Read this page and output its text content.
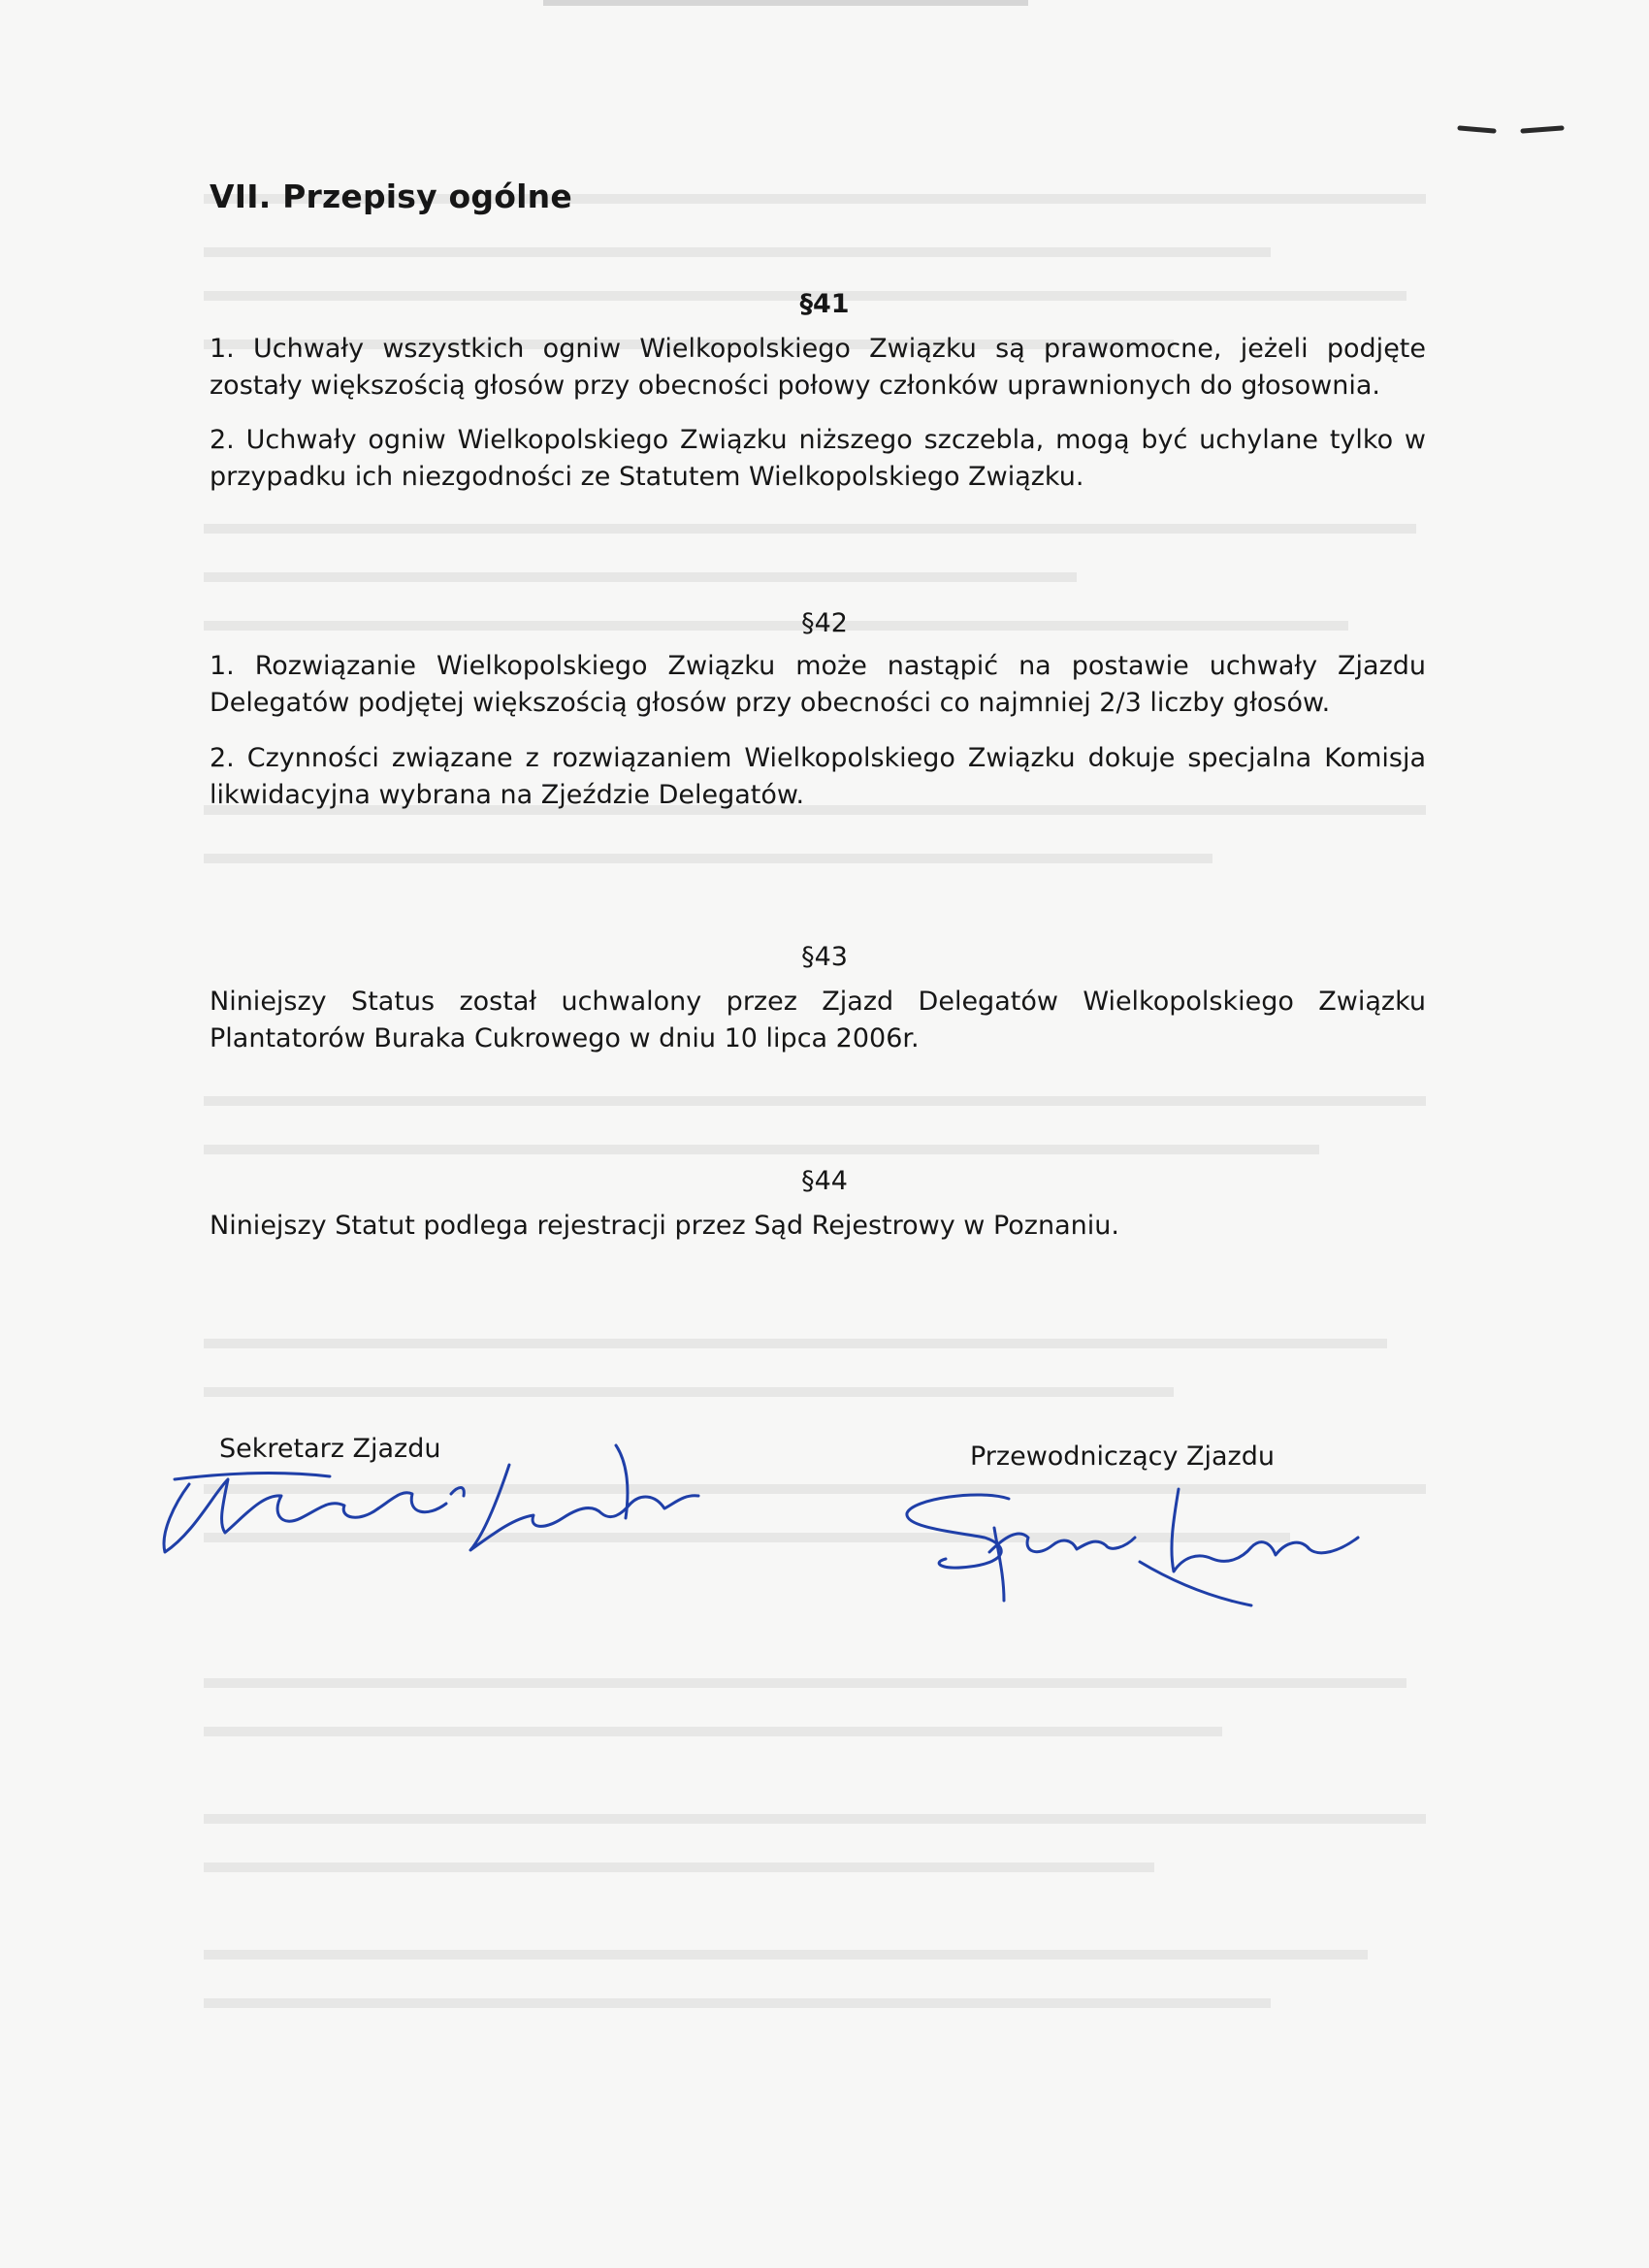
VII. Przepisy ogólne
§41

1. Uchwały wszystkich ogniw Wielkopolskiego Związku są prawomocne, jeżeli podjęte zostały większością głosów przy obecności połowy członków uprawnionych do głosownia.

2. Uchwały ogniw Wielkopolskiego Związku niższego szczebla, mogą być uchylane tylko w przypadku ich niezgodności ze Statutem Wielkopolskiego Związku.

§42

1. Rozwiązanie Wielkopolskiego Związku może nastąpić na postawie uchwały Zjazdu Delegatów podjętej większością głosów przy obecności co najmniej 2/3 liczby głosów.

2. Czynności związane z rozwiązaniem Wielkopolskiego Związku dokuje specjalna Komisja likwidacyjna wybrana na Zjeździe Delegatów.

§43

Niniejszy Status został uchwalony przez Zjazd Delegatów Wielkopolskiego Związku Plantatorów Buraka Cukrowego w dniu 10 lipca 2006r.

§44

Niniejszy Statut podlega rejestracji przez Sąd Rejestrowy w Poznaniu.

Sekretarz Zjazdu	Przewodniczący Zjazdu
